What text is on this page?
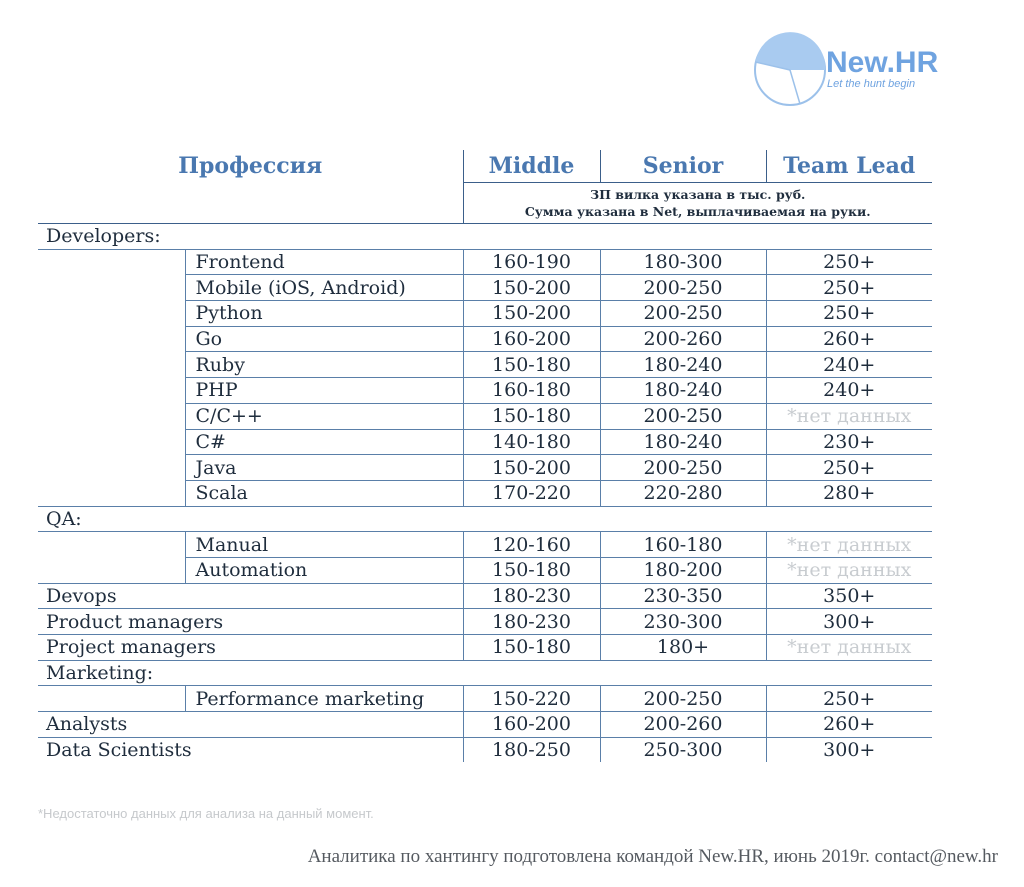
New.HR
Let the hunt begin
Профессия		Middle	Senior	Team Lead

		ЗП вилка указана в тыс. руб.
Сумма указана в Net, выплачиваемая на руки.		

Developers:				
	Frontend	160-190	180-300	250+
	Mobile (iOS, Android)	150-200	200-250	250+
	Python	150-200	200-250	250+
	Go	160-200	200-260	260+
	Ruby	150-180	180-240	240+
	PHP	160-180	180-240	240+
	C/C++	150-180	200-250	*нет данных
	C#	140-180	180-240	230+
	Java	150-200	200-250	250+
	Scala	170-220	220-280	280+
QA:				
	Manual	120-160	160-180	*нет данных
	Automation	150-180	180-200	*нет данных
Devops		180-230	230-350	350+
Product managers		180-230	230-300	300+
Project managers		150-180	180+	*нет данных
Marketing:				
	Performance marketing	150-220	200-250	250+
Analysts		160-200	200-260	260+
Data Scientists		180-250	250-300	300+
*Недостаточно данных для анализа на данный момент.
Аналитика по хантингу подготовлена командой New.HR, июнь 2019г. contact@new.hr
